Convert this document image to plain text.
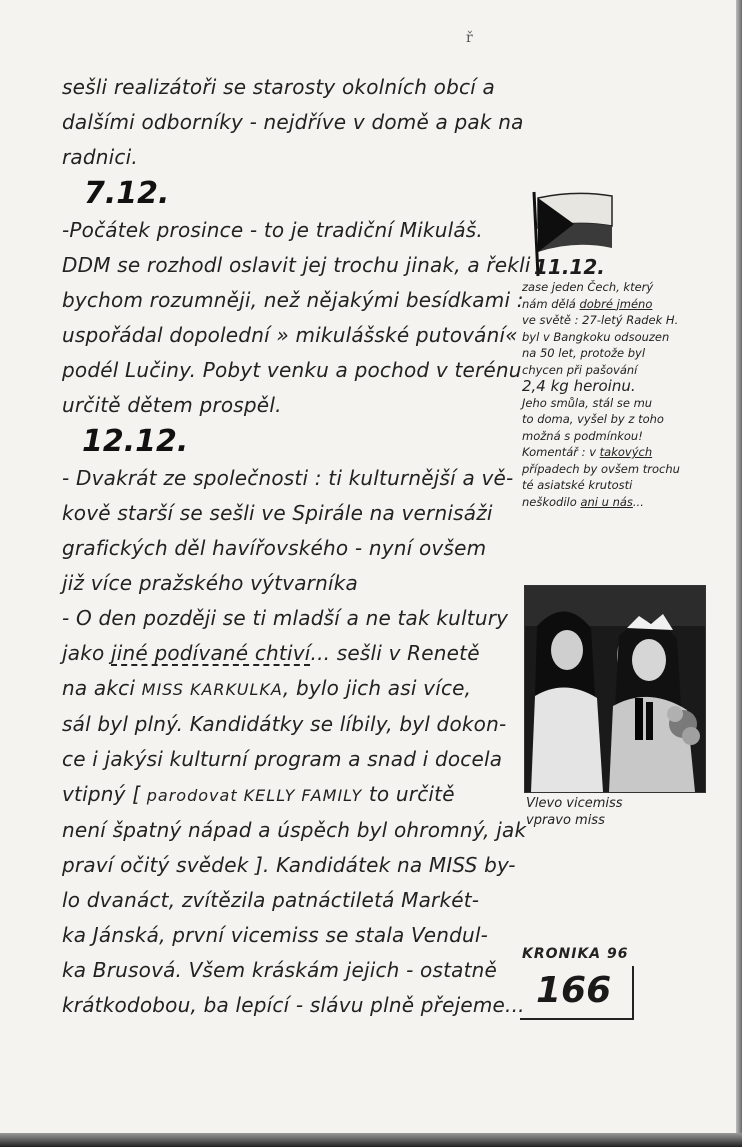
ř
sešli realizátoři se starosty okolních obcí a
dalšími odborníky - nejdříve v domě a pak na
radnici.
7.12.
-Počátek prosince - to je tradiční Mikuláš.
DDM se rozhodl oslavit jej trochu jinak, a řekli
bychom rozumněji, než nějakými besídkami :
uspořádal dopolední » mikulášské putování«
podél Lučiny. Pobyt venku a pochod v terénu
určitě dětem prospěl.
12.12.
- Dvakrát ze společnosti : ti kulturnější a vě-
kově starší se sešli ve Spirále na vernisáži
grafických děl havířovského - nyní ovšem
již více pražského výtvarníka
- O den později se ti mladší a ne tak kultury
jako jiné podívané chtiví... sešli v Renetě
na akci MISS KARKULKA, bylo jich asi více,
sál byl plný. Kandidátky se líbily, byl dokon-
ce i jakýsi kulturní program a snad i docela
vtipný [ parodovat KELLY FAMILY to určitě
není špatný nápad a úspěch byl ohromný, jak
praví očitý svědek ]. Kandidátek na MISS by-
lo dvanáct, zvítězila patnáctiletá Markét-
ka Jánská, první vicemiss se stala Vendul-
ka Brusová. Všem kráskám jejich - ostatně
krátkodobou, ba lepící - slávu plně přejeme...
11.12.
zase jeden Čech, který
nám dělá dobré jméno
ve světě : 27-letý Radek H.
byl v Bangkoku odsouzen
na 50 let, protože byl
chycen při pašování
2,4 kg heroinu.
Jeho smůla, stál se mu
to doma, vyšel by z toho
možná s podmínkou!
Komentář : v takových
případech by ovšem trochu
té asiatské krutosti
neškodilo ani u nás...
Vlevo vicemiss
vpravo miss
KRONIKA 96
166
